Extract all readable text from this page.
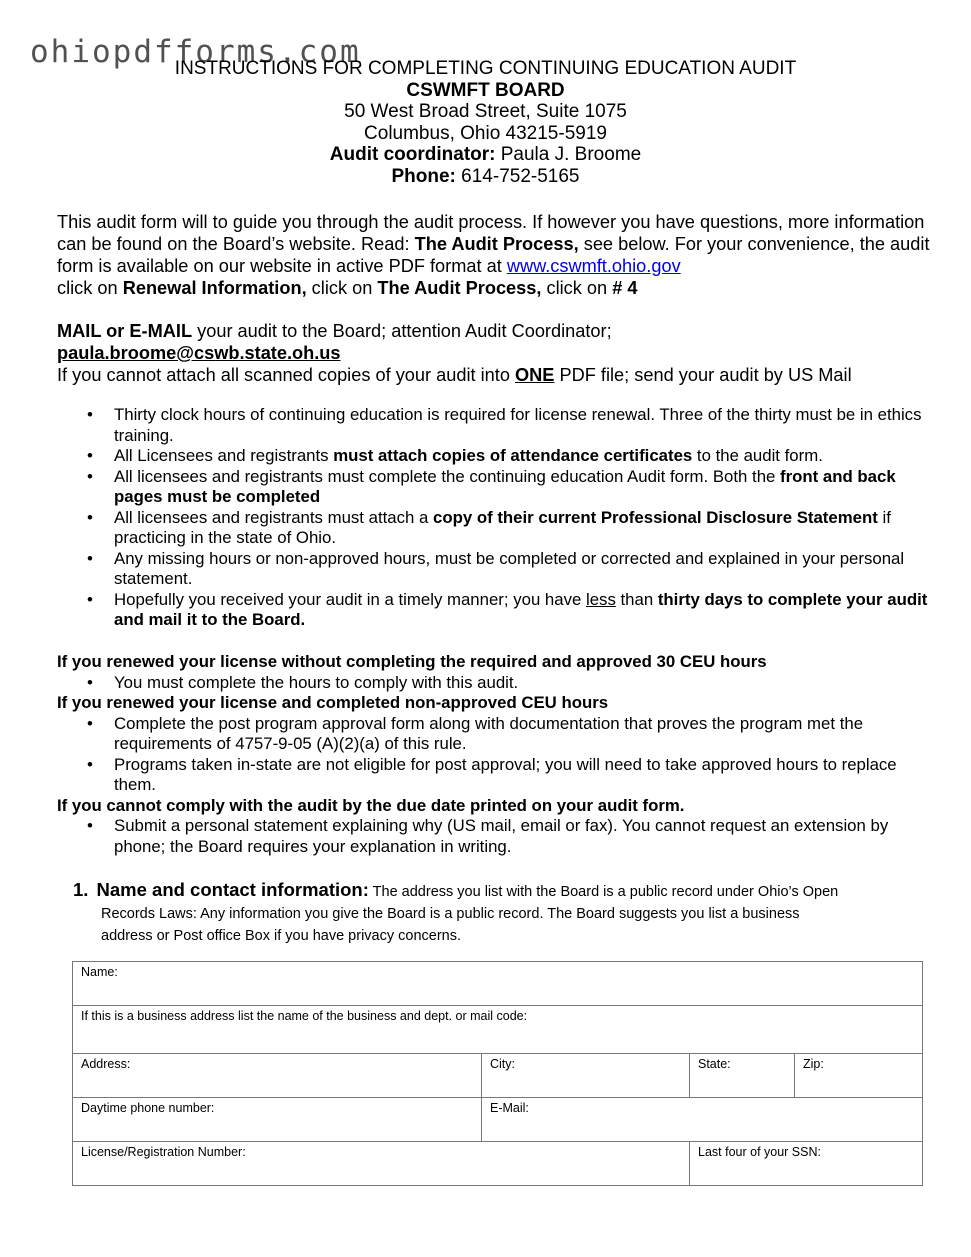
ohiopdfforms.com
INSTRUCTIONS FOR COMPLETING CONTINUING EDUCATION AUDIT
CSWMFT BOARD
50 West Broad Street, Suite 1075
Columbus, Ohio 43215-5919
Audit coordinator: Paula J. Broome
Phone: 614-752-5165
This audit form will to guide you through the audit process. If however you have questions, more information can be found on the Board’s website. Read: The Audit Process, see below. For your convenience, the audit form is available on our website in active PDF format at www.cswmft.ohio.gov
click on Renewal Information, click on The Audit Process, click on # 4
MAIL or E-MAIL your audit to the Board; attention Audit Coordinator;
paula.broome@cswb.state.oh.us
If you cannot attach all scanned copies of your audit into ONE PDF file; send your audit by US Mail
• Thirty clock hours of continuing education is required for license renewal. Three of the thirty must be in ethics training.
• All Licensees and registrants must attach copies of attendance certificates to the audit form.
• All licensees and registrants must complete the continuing education Audit form. Both the front and back pages must be completed
• All licensees and registrants must attach a copy of their current Professional Disclosure Statement if practicing in the state of Ohio.
• Any missing hours or non-approved hours, must be completed or corrected and explained in your personal statement.
• Hopefully you received your audit in a timely manner; you have less than thirty days to complete your audit and mail it to the Board.
If you renewed your license without completing the required and approved 30 CEU hours
• You must complete the hours to comply with this audit.
If you renewed your license and completed non-approved CEU hours
• Complete the post program approval form along with documentation that proves the program met the requirements of 4757-9-05 (A)(2)(a) of this rule.
• Programs taken in-state are not eligible for post approval; you will need to take approved hours to replace them.
If you cannot comply with the audit by the due date printed on your audit form.
• Submit a personal statement explaining why (US mail, email or fax). You cannot request an extension by phone; the Board requires your explanation in writing.
1. Name and contact information: The address you list with the Board is a public record under Ohio’s Open
Records Laws: Any information you give the Board is a public record. The Board suggests you list a business
address or Post office Box if you have privacy concerns.
Name:			
If this is a business address list the name of the business and dept. or mail code:			
Address:	City:	State:	Zip:
Daytime phone number:	E-Mail:		
License/Registration Number:		Last four of your SSN:	
